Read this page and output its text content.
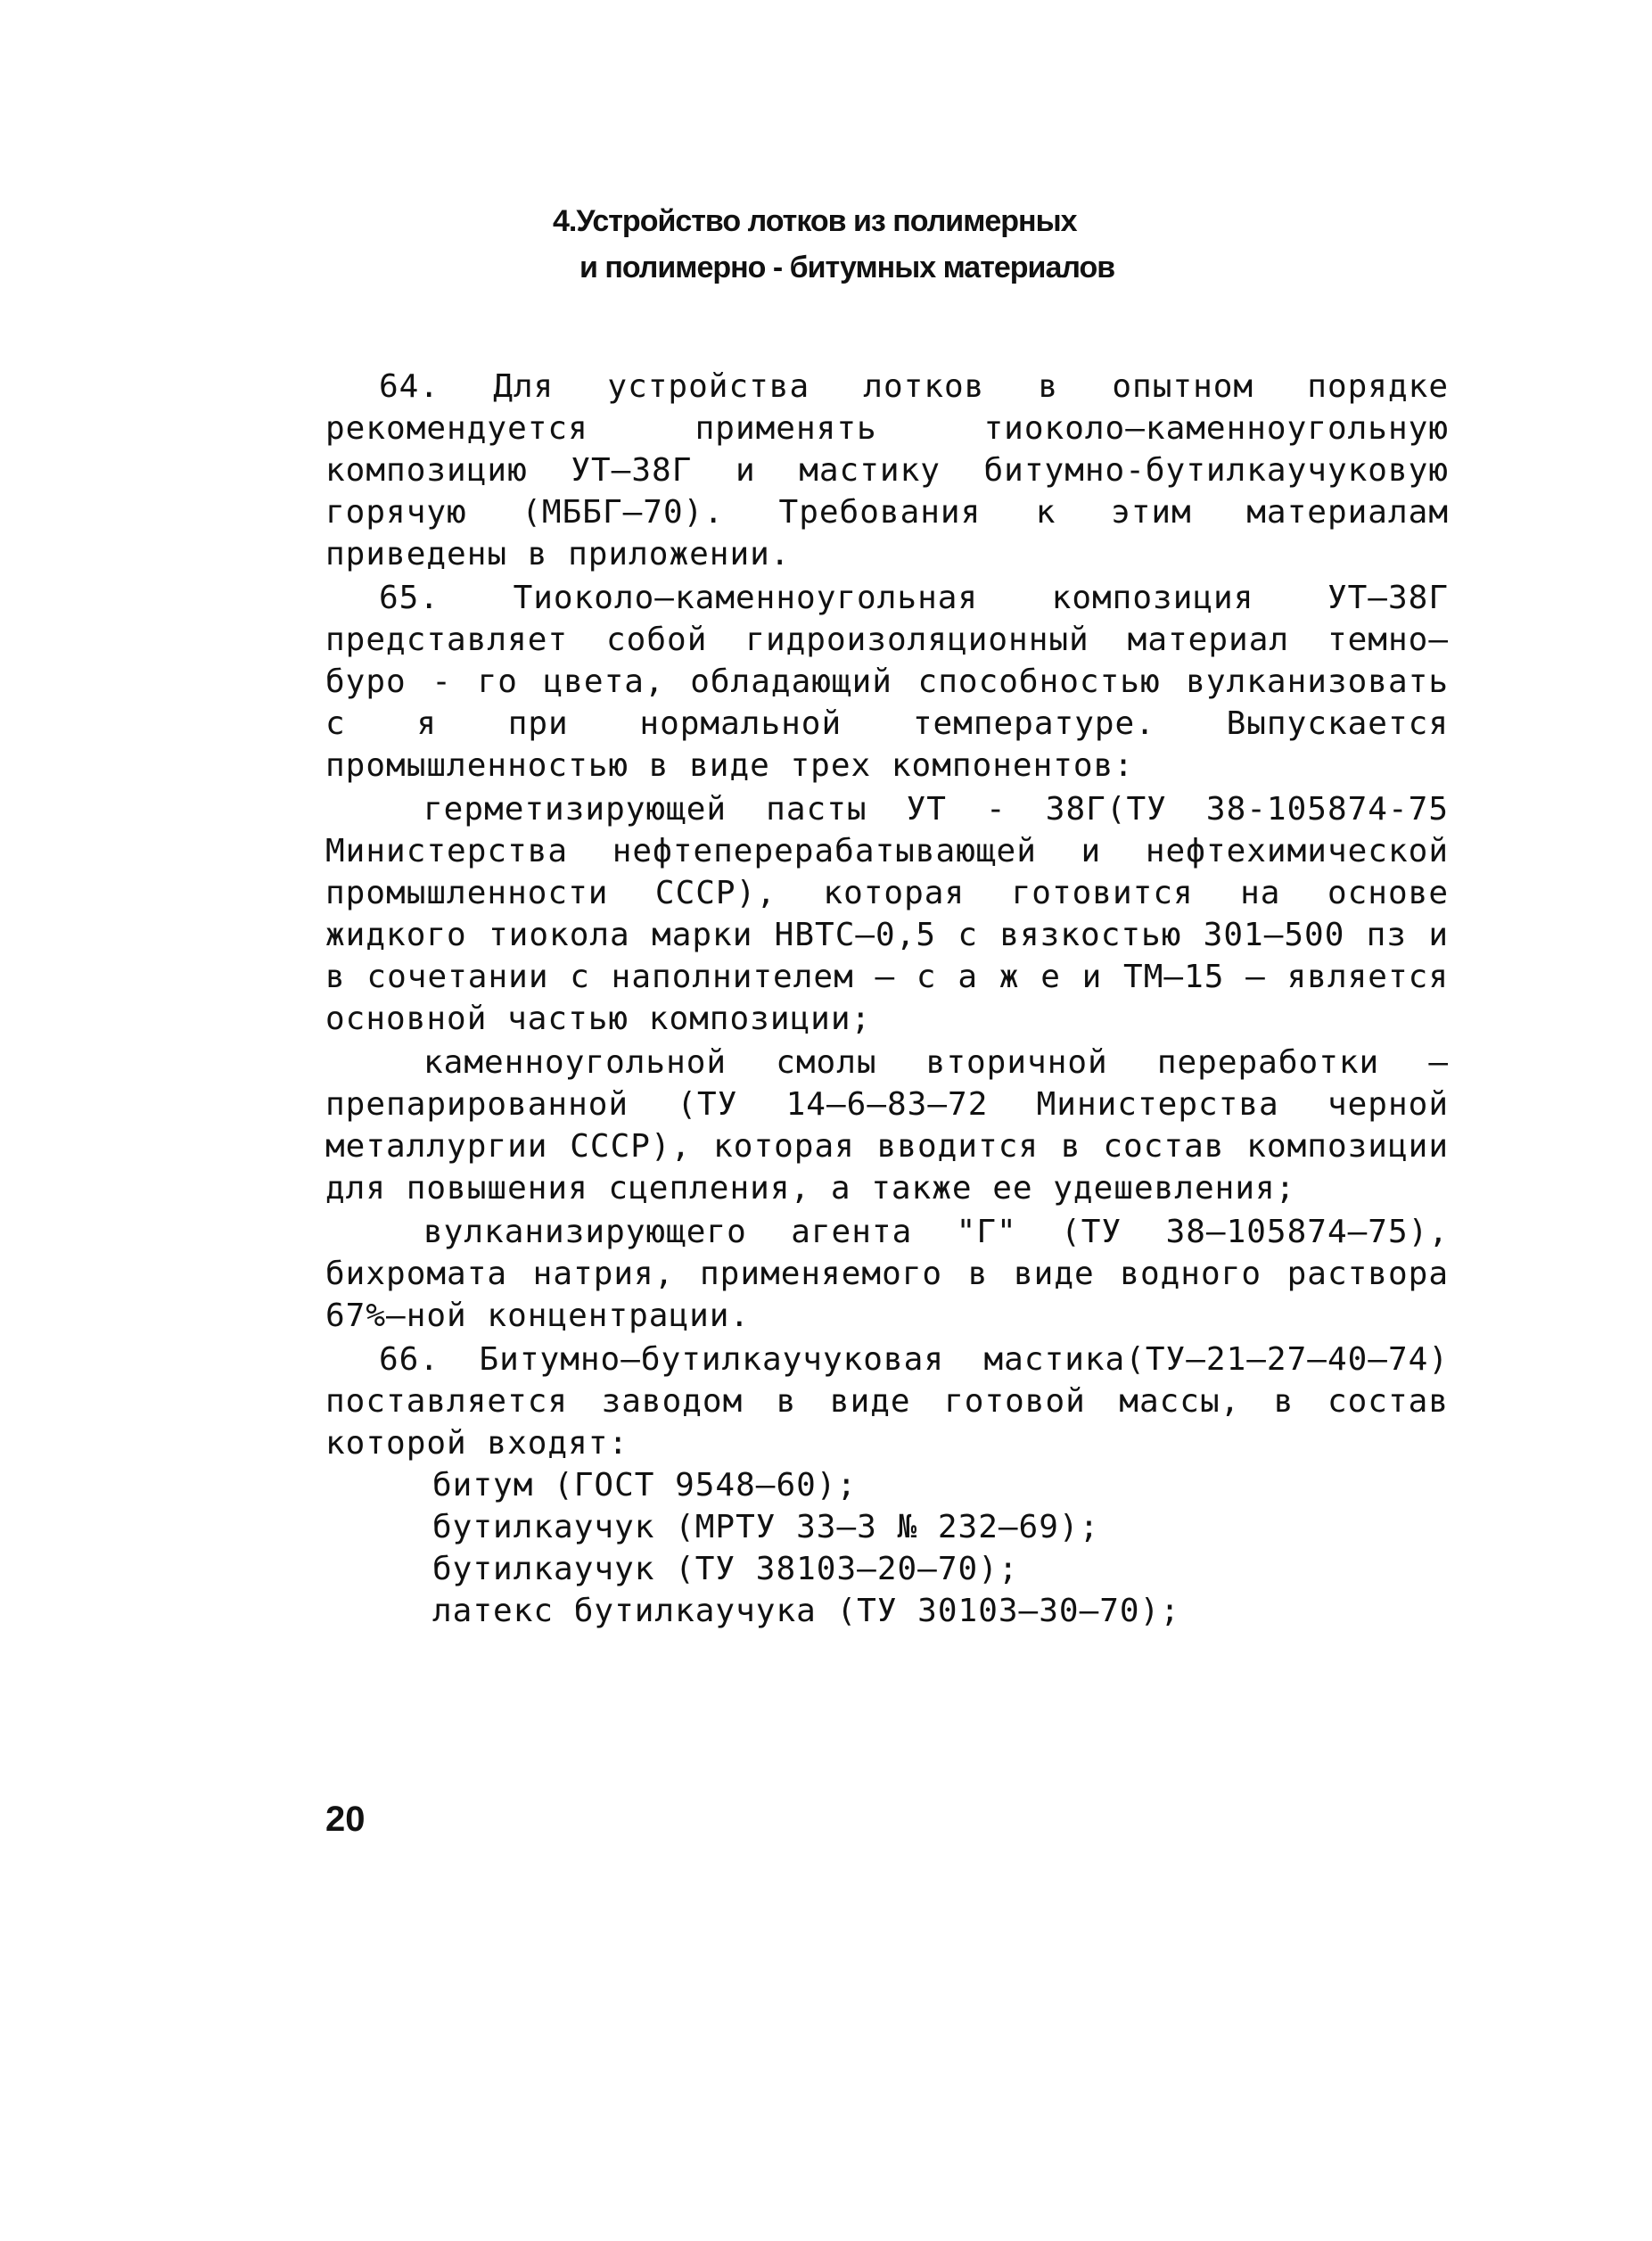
4.Устройство лотков из полимерных
и полимерно - битумных материалов

64. Для устройства лотков в опытном порядке рекомендуется применять тиоколо–каменноугольную композицию УТ–38Г и мастику битумно-бутилкаучуковую горячую (МББГ–70). Требования к этим материалам приведены в приложении.

65. Тиоколо–каменноугольная композиция УТ–38Г представляет собой гидроизоляционный материал темно–буро - го цвета, обладающий способностью вулканизовать с я при нормальной температуре. Выпускается промышленностью в виде трех компонентов:

герметизирующей пасты УТ - 38Г(ТУ 38-105874-75 Министерства нефтеперерабатывающей и нефтехимической промышленности СССР), которая готовится на основе жидкого тиокола марки НВТС–0,5 с вязкостью 301–500 пз и в сочетании с наполнителем – с а ж е и ТМ–15 – является основной частью композиции;

каменноугольной смолы вторичной переработки – препарированной (ТУ 14–6–83–72 Министерства черной металлургии СССР), которая вводится в состав композиции для повышения сцепления, а также ее удешевления;

вулканизирующего агента "Г" (ТУ 38–105874–75), бихромата натрия, применяемого в виде водного раствора 67%–ной концентрации.

66. Битумно–бутилкаучуковая мастика(ТУ–21–27–40–74) поставляется заводом в виде готовой массы, в состав которой входят:

битум (ГОСТ 9548–60);
бутилкаучук (МРТУ 33–3 № 232–69);
бутилкаучук (ТУ 38103–20–70);
латекс бутилкаучука (ТУ 30103–30–70);
20
